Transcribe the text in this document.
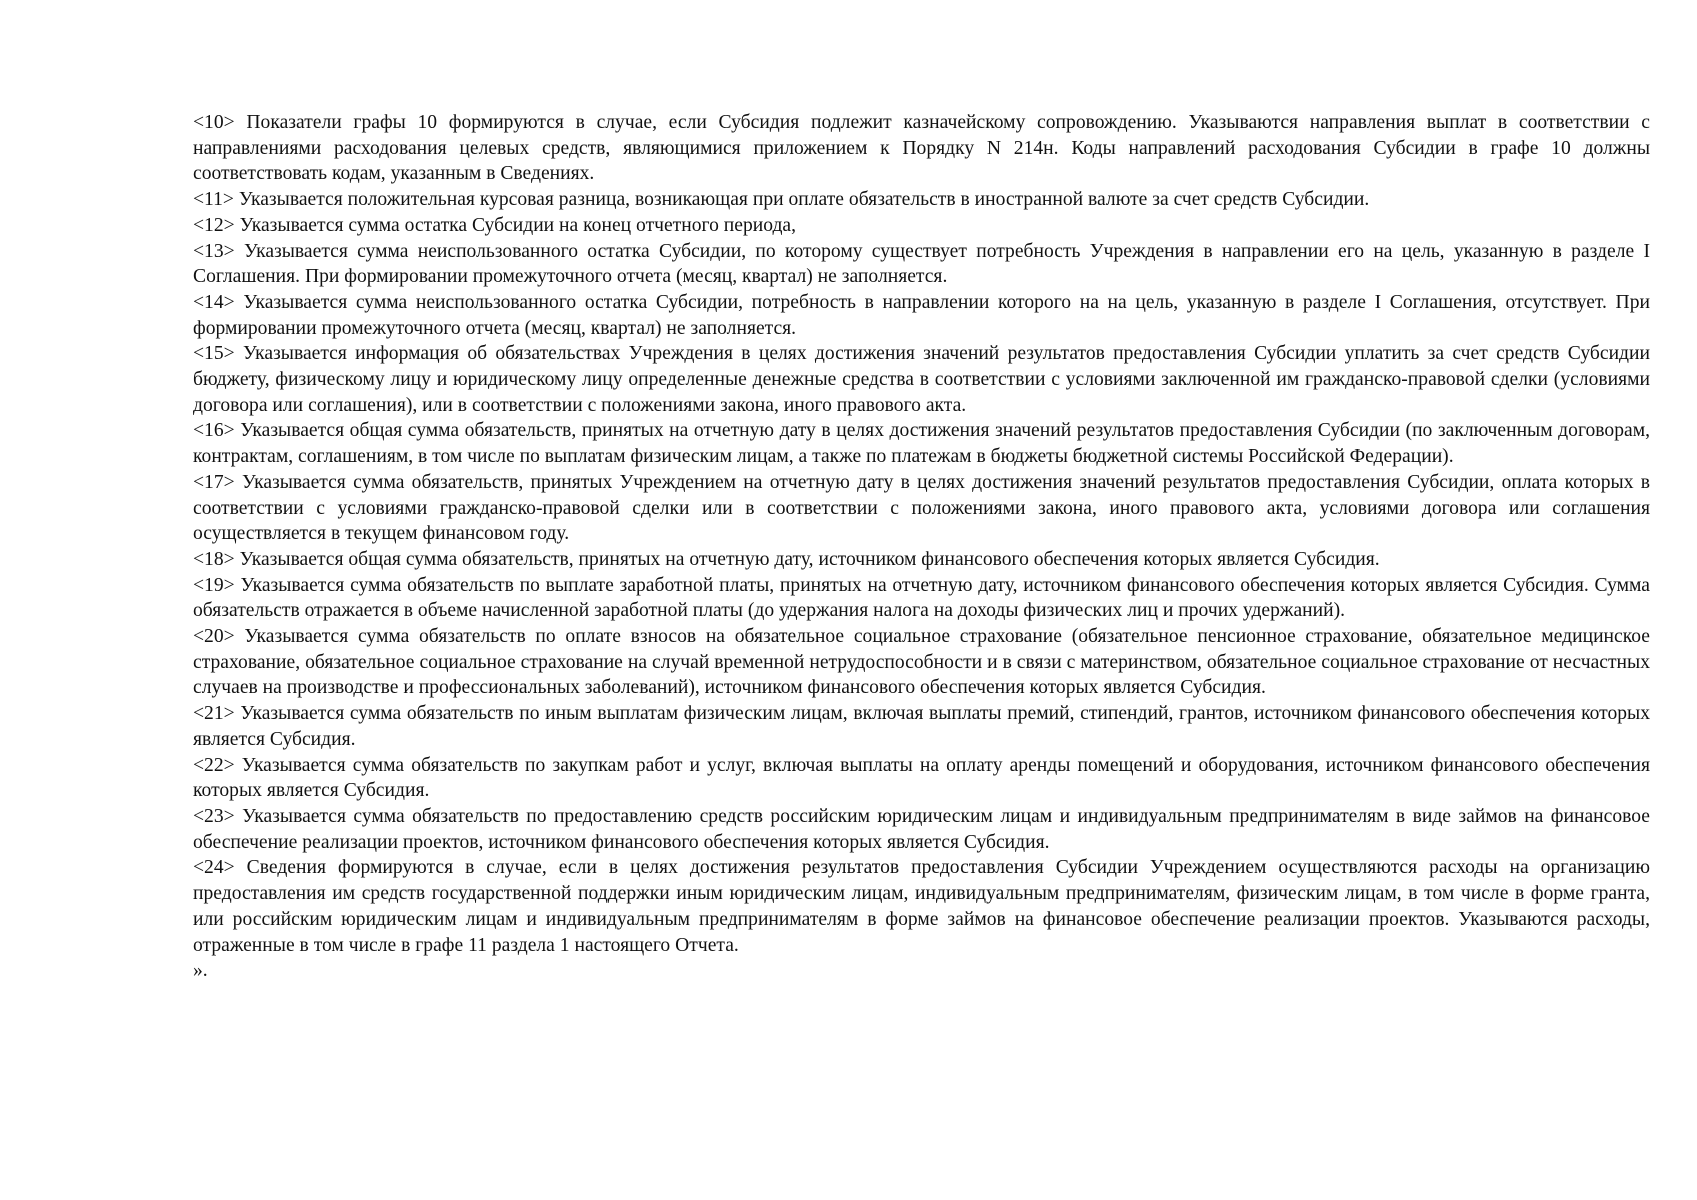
<10> Показатели графы 10 формируются в случае, если Субсидия подлежит казначейскому сопровождению. Указываются направления выплат в соответствии с направлениями расходования целевых средств, являющимися приложением к Порядку N 214н. Коды направлений расходования Субсидии в графе 10 должны соответствовать кодам, указанным в Сведениях.

<11> Указывается положительная курсовая разница, возникающая при оплате обязательств в иностранной валюте за счет средств Субсидии.

<12> Указывается сумма остатка Субсидии на конец отчетного периода,

<13> Указывается сумма неиспользованного остатка Субсидии, по которому существует потребность Учреждения в направлении его на цель, указанную в разделе I Соглашения. При формировании промежуточного отчета (месяц, квартал) не заполняется.

<14> Указывается сумма неиспользованного остатка Субсидии, потребность в направлении которого на на цель, указанную в разделе I Соглашения, отсутствует. При формировании промежуточного отчета (месяц, квартал) не заполняется.

<15> Указывается информация об обязательствах Учреждения в целях достижения значений результатов предоставления Субсидии уплатить за счет средств Субсидии бюджету, физическому лицу и юридическому лицу определенные денежные средства в соответствии с условиями заключенной им гражданско-правовой сделки (условиями договора или соглашения), или в соответствии с положениями закона, иного правового акта.

<16> Указывается общая сумма обязательств, принятых на отчетную дату в целях достижения значений результатов предоставления Субсидии (по заключенным договорам, контрактам, соглашениям, в том числе по выплатам физическим лицам, а также по платежам в бюджеты бюджетной системы Российской Федерации).

<17> Указывается сумма обязательств, принятых Учреждением на отчетную дату в целях достижения значений результатов предоставления Субсидии, оплата которых в соответствии с условиями гражданско-правовой сделки или в соответствии с положениями закона, иного правового акта, условиями договора или соглашения осуществляется в текущем финансовом году.

<18> Указывается общая сумма обязательств, принятых на отчетную дату, источником финансового обеспечения которых является Субсидия.

<19> Указывается сумма обязательств по выплате заработной платы, принятых на отчетную дату, источником финансового обеспечения которых является Субсидия. Сумма обязательств отражается в объеме начисленной заработной платы (до удержания налога на доходы физических лиц и прочих удержаний).

<20> Указывается сумма обязательств по оплате взносов на обязательное социальное страхование (обязательное пенсионное страхование, обязательное медицинское страхование, обязательное социальное страхование на случай временной нетрудоспособности и в связи с материнством, обязательное социальное страхование от несчастных случаев на производстве и профессиональных заболеваний), источником финансового обеспечения которых является Субсидия.

<21> Указывается сумма обязательств по иным выплатам физическим лицам, включая выплаты премий, стипендий, грантов, источником финансового обеспечения которых является Субсидия.

<22> Указывается сумма обязательств по закупкам работ и услуг, включая выплаты на оплату аренды помещений и оборудования, источником финансового обеспечения которых является Субсидия.

<23> Указывается сумма обязательств по предоставлению средств российским юридическим лицам и индивидуальным предпринимателям в виде займов на финансовое обеспечение реализации проектов, источником финансового обеспечения которых является Субсидия.

<24> Сведения формируются в случае, если в целях достижения результатов предоставления Субсидии Учреждением осуществляются расходы на организацию предоставления им средств государственной поддержки иным юридическим лицам, индивидуальным предпринимателям, физическим лицам, в том числе в форме гранта, или российским юридическим лицам и индивидуальным предпринимателям в форме займов на финансовое обеспечение реализации проектов. Указываются расходы, отраженные в том числе в графе 11 раздела 1 настоящего Отчета.

».
